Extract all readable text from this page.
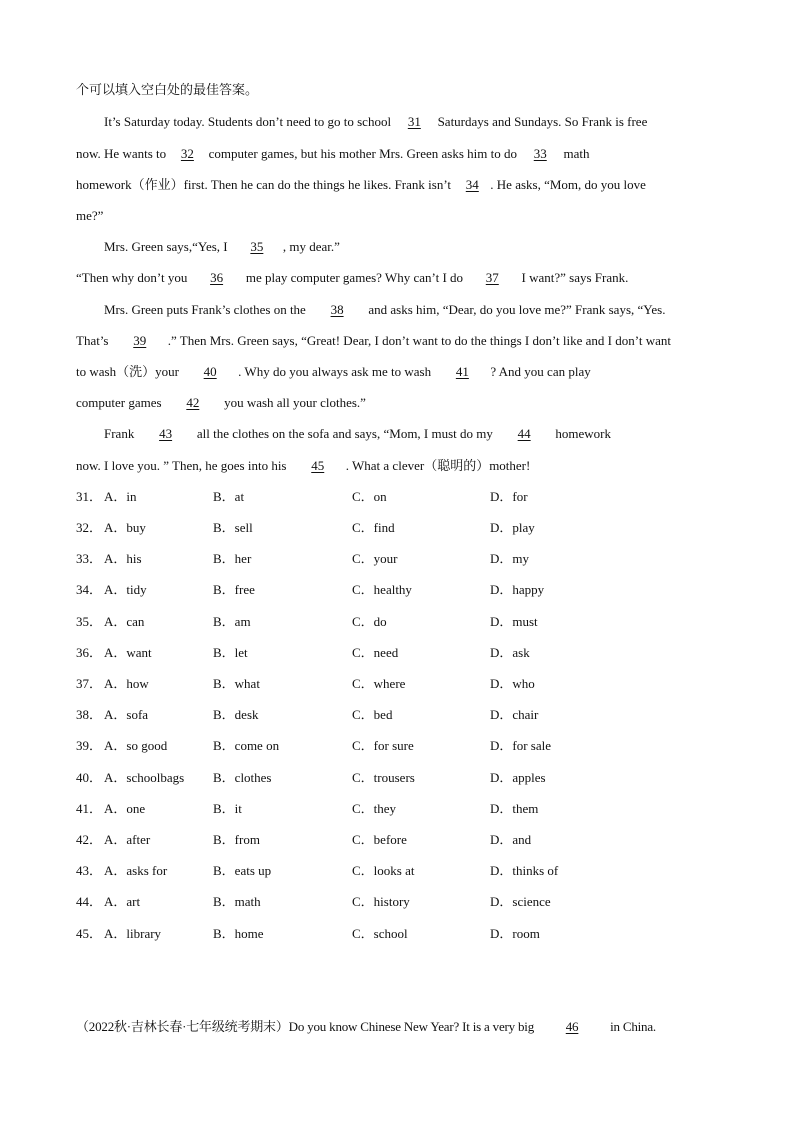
个可以填入空白处的最佳答案。
It’s Saturday today. Students don’t need to go to school 31 Saturdays and Sundays. So Frank is free
now. He wants to 32 computer games, but his mother Mrs. Green asks him to do 33 math
homework（作业）first. Then he can do the things he likes. Frank isn’t 34 . He asks, “Mom, do you love
me?”
Mrs. Green says,“Yes, I 35 , my dear.”
“Then why don’t you 36 me play computer games? Why can’t I do 37 I want?” says Frank.
Mrs. Green puts Frank’s clothes on the 38 and asks him, “Dear, do you love me?” Frank says, “Yes.
That’s 39 .” Then Mrs. Green says, “Great! Dear, I don’t want to do the things I don’t like and I don’t want
to wash（洗）your 40 . Why do you always ask me to wash 41 ? And you can play
computer games 42 you wash all your clothes.”
Frank 43 all the clothes on the sofa and says, “Mom, I must do my 44 homework
now. I love you. ” Then, he goes into his 45 . What a clever（聪明的）mother!
31． A．in	B．at	C．on	D．for
32． A．buy	B．sell	C．find	D．play
33． A．his	B．her	C．your	D．my
34． A．tidy	B．free	C．healthy	D．happy
35． A．can	B．am	C．do	D．must
36． A．want	B．let	C．need	D．ask
37． A．how	B．what	C．where	D．who
38． A．sofa	B．desk	C．bed	D．chair
39． A．so good	B．come on	C．for sure	D．for sale
40． A．schoolbags B．clothes	C．trousers	D．apples
41． A．one	B．it	C．they	D．them
42． A．after	B．from	C．before	D．and
43． A．asks for	B．eats up	C．looks at	D．thinks of
44． A．art	B．math	C．history	D．science
45． A．library	B．home	C．school	D．room
（2022秋·吉林长春·七年级统考期末）Do you know Chinese New Year? It is a very big 46 in China.
